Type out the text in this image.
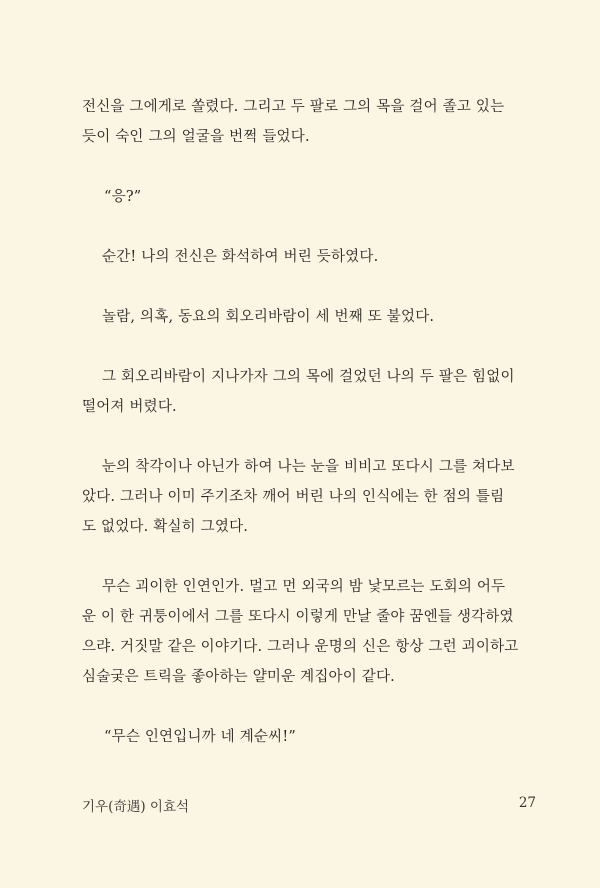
전신을 그에게로 쏠렸다. 그리고 두 팔로 그의 목을 걸어 졸고 있는
듯이 숙인 그의 얼굴을 번쩍 들었다.

“응?”

순간! 나의 전신은 화석하여 버린 듯하였다.

놀람, 의혹, 동요의 회오리바람이 세 번째 또 불었다.

그 회오리바람이 지나가자 그의 목에 걸었던 나의 두 팔은 힘없이
떨어져 버렸다.

눈의 착각이나 아닌가 하여 나는 눈을 비비고 또다시 그를 쳐다보
았다. 그러나 이미 주기조차 깨어 버린 나의 인식에는 한 점의 틀림
도 없었다. 확실히 그였다.

무슨 괴이한 인연인가. 멀고 먼 외국의 밤 낯모르는 도회의 어두
운 이 한 귀퉁이에서 그를 또다시 이렇게 만날 줄야 꿈엔들 생각하였
으랴. 거짓말 같은 이야기다. 그러나 운명의 신은 항상 그런 괴이하고
심술궂은 트릭을 좋아하는 얄미운 계집아이 같다.

“무슨 인연입니까 네 계순씨!”

기우(奇遇) 이효석	27
